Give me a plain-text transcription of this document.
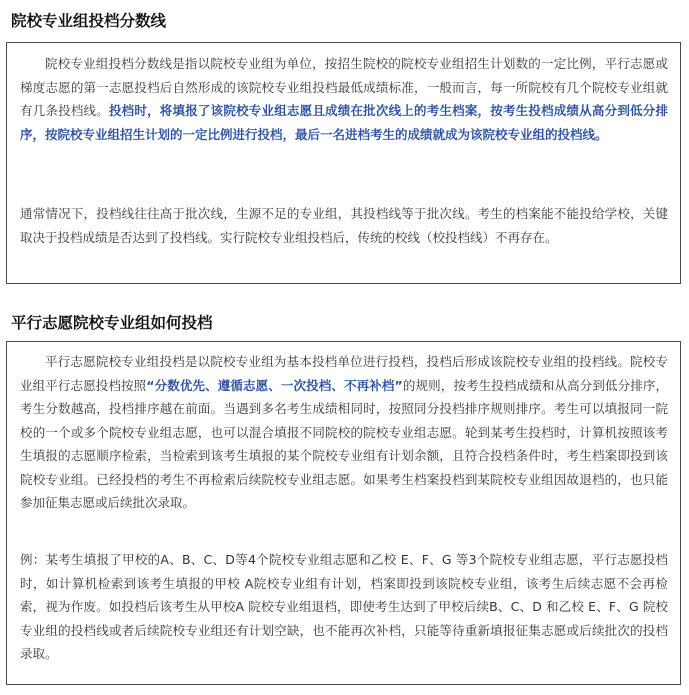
院校专业组投档分数线

院校专业组投档分数线是指以院校专业组为单位，按招生院校的院校专业组招生计划数的一定比例，平行志愿或梯度志愿的第一志愿投档后自然形成的该院校专业组投档最低成绩标准，一般而言，每一所院校有几个院校专业组就有几条投档线。投档时，将填报了该院校专业组志愿且成绩在批次线上的考生档案，按考生投档成绩从高分到低分排序，按院校专业组招生计划的一定比例进行投档，最后一名进档考生的成绩就成为该院校专业组的投档线。

通常情况下，投档线往往高于批次线，生源不足的专业组，其投档线等于批次线。考生的档案能不能投给学校，关键取决于投档成绩是否达到了投档线。实行院校专业组投档后，传统的校线（校投档线）不再存在。

平行志愿院校专业组如何投档

平行志愿院校专业组投档是以院校专业组为基本投档单位进行投档，投档后形成该院校专业组的投档线。院校专业组平行志愿投档按照“分数优先、遵循志愿、一次投档、不再补档”的规则，按考生投档成绩和从高分到低分排序，考生分数越高，投档排序越在前面。当遇到多名考生成绩相同时，按照同分投档排序规则排序。考生可以填报同一院校的一个或多个院校专业组志愿，也可以混合填报不同院校的院校专业组志愿。轮到某考生投档时，计算机按照该考生填报的志愿顺序检索，当检索到该考生填报的某个院校专业组有计划余额，且符合投档条件时，考生档案即投到该院校专业组。已经投档的考生不再检索后续院校专业组志愿。如果考生档案投档到某院校专业组因故退档的，也只能参加征集志愿或后续批次录取。

例：某考生填报了甲校的A、B、C、D等4个院校专业组志愿和乙校 E、F、G 等3个院校专业组志愿，平行志愿投档时，如计算机检索到该考生填报的甲校 A院校专业组有计划，档案即投到该院校专业组，该考生后续志愿不会再检索，视为作废。如投档后该考生从甲校A 院校专业组退档，即使考生达到了甲校后续B、C、D 和乙校 E、F、G 院校专业组的投档线或者后续院校专业组还有计划空缺，也不能再次补档，只能等待重新填报征集志愿或后续批次的投档录取。
